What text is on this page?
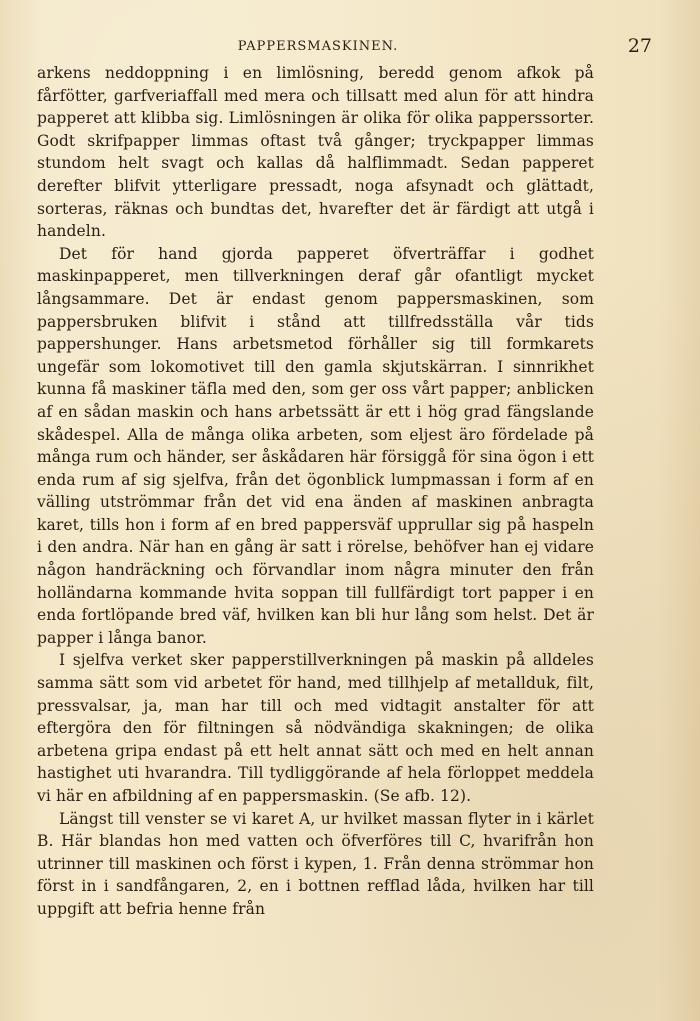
PAPPERSMASKINEN.	27

arkens neddoppning i en limlösning, beredd genom afkok på fårfötter, garfveriaffall med mera och tillsatt med alun för att hindra papperet att klibba sig. Limlösningen är olika för olika papperssorter. Godt skrifpapper limmas oftast två gånger; tryckpapper limmas stundom helt svagt och kallas då halflimmadt. Sedan papperet derefter blifvit ytterligare pressadt, noga afsynadt och glättadt, sorteras, räknas och bundtas det, hvarefter det är färdigt att utgå i handeln.

Det för hand gjorda papperet öfverträffar i godhet maskinpapperet, men tillverkningen deraf går ofantligt mycket långsammare. Det är endast genom pappersmaskinen, som pappersbruken blifvit i stånd att tillfredsställa vår tids pappershunger. Hans arbetsmetod förhåller sig till formkarets ungefär som lokomotivet till den gamla skjutskärran. I sinnrikhet kunna få maskiner täfla med den, som ger oss vårt papper; anblicken af en sådan maskin och hans arbetssätt är ett i hög grad fängslande skådespel. Alla de många olika arbeten, som eljest äro fördelade på många rum och händer, ser åskådaren här försiggå för sina ögon i ett enda rum af sig sjelfva, från det ögonblick lumpmassan i form af en välling utströmmar från det vid ena änden af maskinen anbragta karet, tills hon i form af en bred pappersväf upprullar sig på haspeln i den andra. När han en gång är satt i rörelse, behöfver han ej vidare någon handräckning och förvandlar inom några minuter den från holländarna kommande hvita soppan till fullfärdigt tort papper i en enda fortlöpande bred väf, hvilken kan bli hur lång som helst. Det är papper i långa banor.

I sjelfva verket sker papperstillverkningen på maskin på alldeles samma sätt som vid arbetet för hand, med tillhjelp af metallduk, filt, pressvalsar, ja, man har till och med vidtagit anstalter för att eftergöra den för filtningen så nödvändiga skakningen; de olika arbetena gripa endast på ett helt annat sätt och med en helt annan hastighet uti hvarandra. Till tydliggörande af hela förloppet meddela vi här en afbildning af en pappersmaskin. (Se afb. 12).

Längst till venster se vi karet A, ur hvilket massan flyter in i kärlet B. Här blandas hon med vatten och öfverföres till C, hvarifrån hon utrinner till maskinen och först i kypen, 1. Från denna strömmar hon först in i sandfångaren, 2, en i bottnen refflad låda, hvilken har till uppgift att befria henne från
